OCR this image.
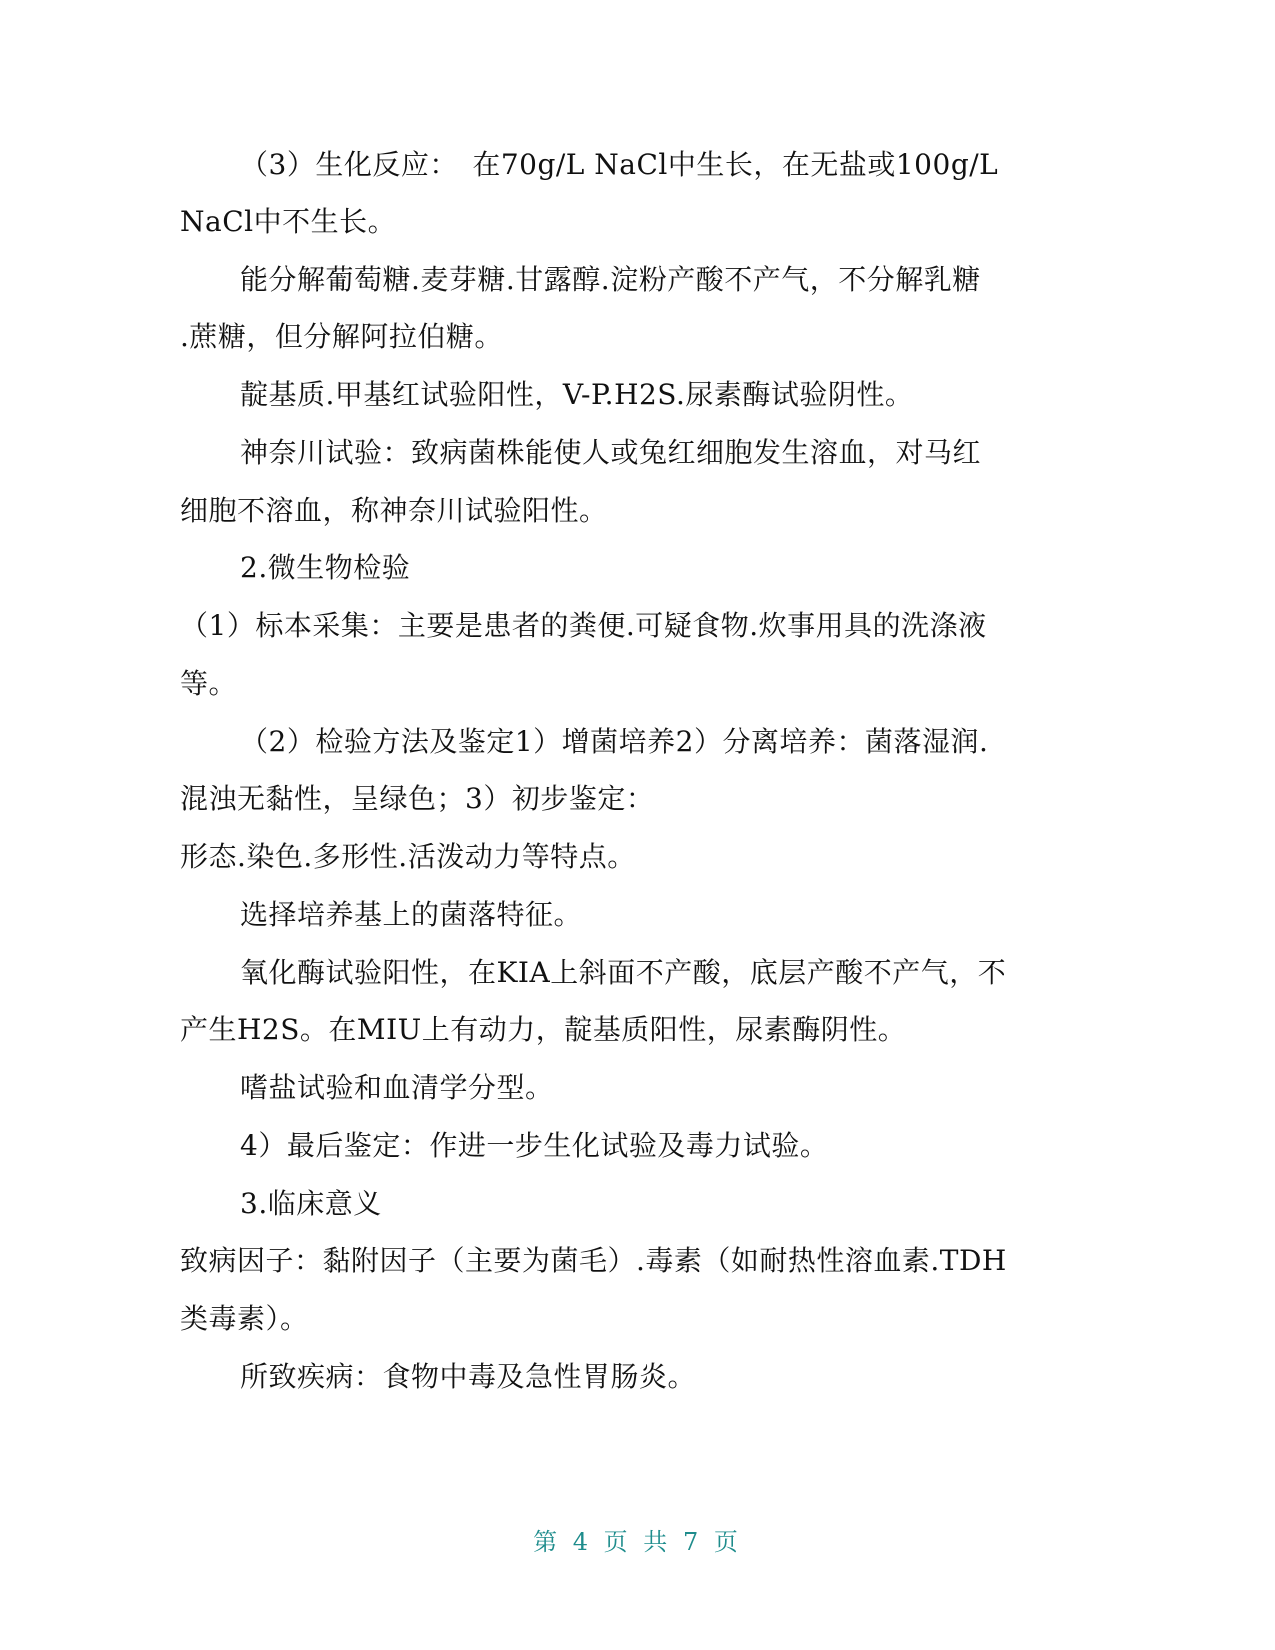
（3）生化反应：　在70g/L NaCl中生长，在无盐或100g/L
NaCl中不生长。
能分解葡萄糖.麦芽糖.甘露醇.淀粉产酸不产气，不分解乳糖
.蔗糖，但分解阿拉伯糖。
靛基质.甲基红试验阳性，V-P.H2S.尿素酶试验阴性。
神奈川试验：致病菌株能使人或兔红细胞发生溶血，对马红
细胞不溶血，称神奈川试验阳性。
2.微生物检验
（1）标本采集：主要是患者的粪便.可疑食物.炊事用具的洗涤液
等。
（2）检验方法及鉴定1）增菌培养2）分离培养：菌落湿润.
混浊无黏性，呈绿色；3）初步鉴定：
形态.染色.多形性.活泼动力等特点。
选择培养基上的菌落特征。
氧化酶试验阳性，在KIA上斜面不产酸，底层产酸不产气，不
产生H2S。在MIU上有动力，靛基质阳性，尿素酶阴性。
嗜盐试验和血清学分型。
4）最后鉴定：作进一步生化试验及毒力试验。
3.临床意义
致病因子：黏附因子（主要为菌毛）.毒素（如耐热性溶血素.TDH
类毒素）。
所致疾病：食物中毒及急性胃肠炎。
第 4 页 共 7 页
